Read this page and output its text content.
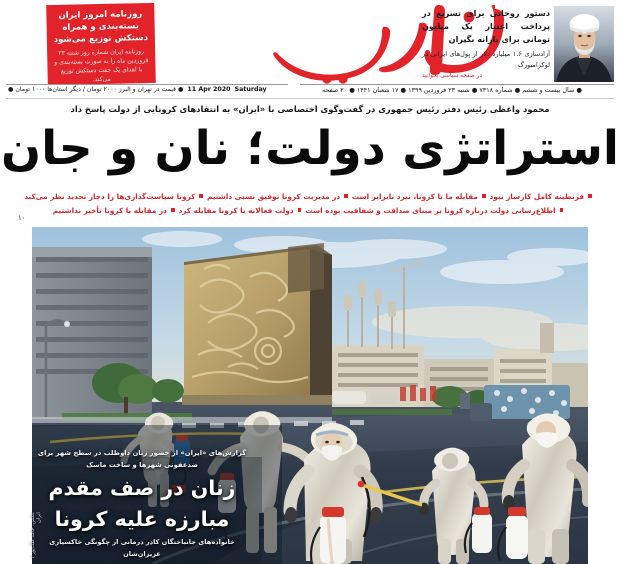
روزنامه امروز ایران بسته‌بندی و همراه دستکش توزیع می‌شود
روزنامه ایران شماره روز شنبه ۲۳ فروردین ماه را به صورت بسته‌بندی و با اهدای یک جفت دستکش توزیع می‌کند.
دستور روحانی برای تسریع در پرداخت اعتبار یک میلیون تومانی برای یارانه بگیران
آزادسازی ۱.۶ میلیارد دلار از پول‌های ایرانی در لوکزامبورگ
در صفحه سیاسی بخوانید
● سال بیست و ششم ● شماره ۷۳۱۸ ● شنبه ۲۳ فروردین ۱۳۹۹ ● ۱۷ شعبان ۱۴۴۱ ● ۲۰ صفحه
● قیمت در تهران و البرز ۲۰۰۰ تومان / دیگر استان‌ها ۱۰۰۰ تومان ● 11 Apr 2020 Saturday
محمود واعظی رئیس دفتر رئیس جمهوری در گفت‌وگوی اختصاصی با «ایران» به انتقادهای کرونایی از دولت پاسخ داد
استراتژی دولت؛ نان و جان
قرنطینه کامل کارساز نبودمقابله ما با کرونا، نبرد نابرابر استدر مدیریت کرونا توفیق نسبی داشتیمکرونا سیاست‌گذاری‌ها را دچار تجدید نظر می‌کند
اطلاع‌رسانی دولت درباره کرونا بر مبنای صداقت و شفافیت بوده استدولت فعالانه با کرونا مقابله کرددر مقابله با کرونا تأخیر نداشتیم
۱۰
گزارش‌های «ایران» از حضور زنان داوطلب در سطح شهر برای ضدعفونی شهرها و ساخت ماسک
زنان در صف مقدم
مبارزه علیه کرونا
خانواده‌های جانباختگان کادر درمانی از چگونگی خاکسپاری عزیزان‌شان
عکس: حامد ملک‌پور / ایران
